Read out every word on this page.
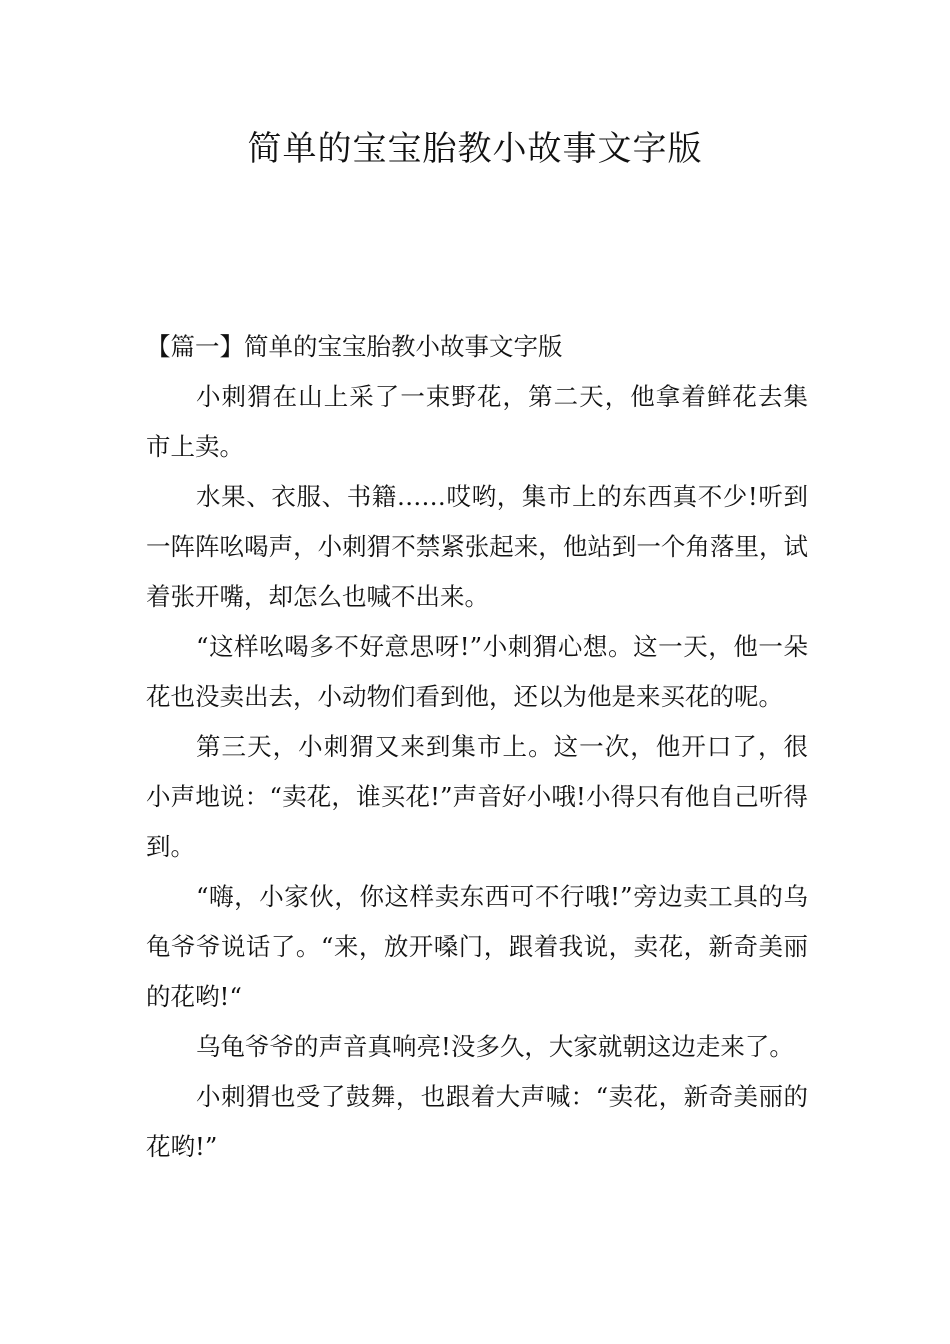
简单的宝宝胎教小故事文字版

【篇一】简单的宝宝胎教小故事文字版

小刺猬在山上采了一束野花，第二天，他拿着鲜花去集市上卖。

水果、衣服、书籍……哎哟，集市上的东西真不少!听到一阵阵吆喝声，小刺猬不禁紧张起来，他站到一个角落里，试着张开嘴，却怎么也喊不出来。

“这样吆喝多不好意思呀!”小刺猬心想。这一天，他一朵花也没卖出去，小动物们看到他，还以为他是来买花的呢。

第三天，小刺猬又来到集市上。这一次，他开口了，很小声地说：“卖花，谁买花!”声音好小哦!小得只有他自己听得到。

“嗨，小家伙，你这样卖东西可不行哦!”旁边卖工具的乌龟爷爷说话了。“来，放开嗓门，跟着我说，卖花，新奇美丽的花哟!“

乌龟爷爷的声音真响亮!没多久，大家就朝这边走来了。

小刺猬也受了鼓舞，也跟着大声喊：“卖花，新奇美丽的花哟!”
